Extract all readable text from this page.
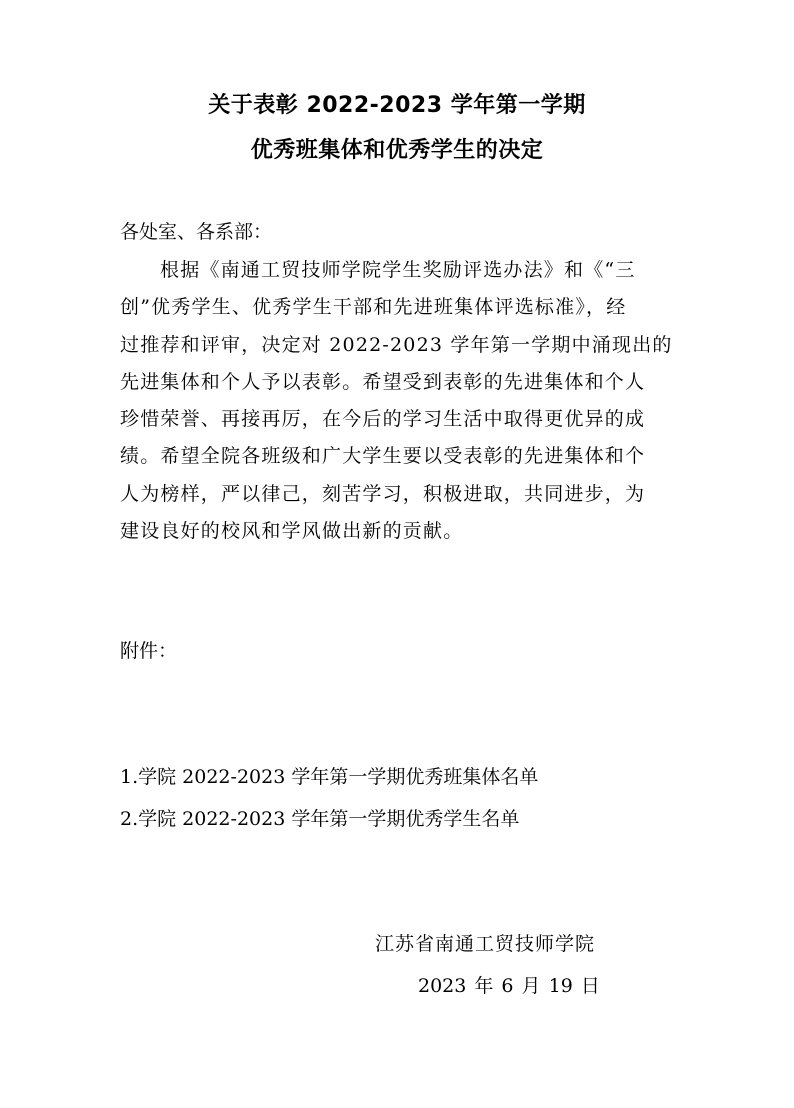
关于表彰 2022-2023 学年第一学期
优秀班集体和优秀学生的决定
各处室、各系部：
根据《南通工贸技师学院学生奖励评选办法》和《“三
创”优秀学生、优秀学生干部和先进班集体评选标准》，经
过推荐和评审，决定对 2022-2023 学年第一学期中涌现出的
先进集体和个人予以表彰。希望受到表彰的先进集体和个人
珍惜荣誉、再接再厉，在今后的学习生活中取得更优异的成
绩。希望全院各班级和广大学生要以受表彰的先进集体和个
人为榜样，严以律己，刻苦学习，积极进取，共同进步，为
建设良好的校风和学风做出新的贡献。
附件：
1.学院 2022-2023 学年第一学期优秀班集体名单
2.学院 2022-2023 学年第一学期优秀学生名单
江苏省南通工贸技师学院
2023 年 6 月 19 日
